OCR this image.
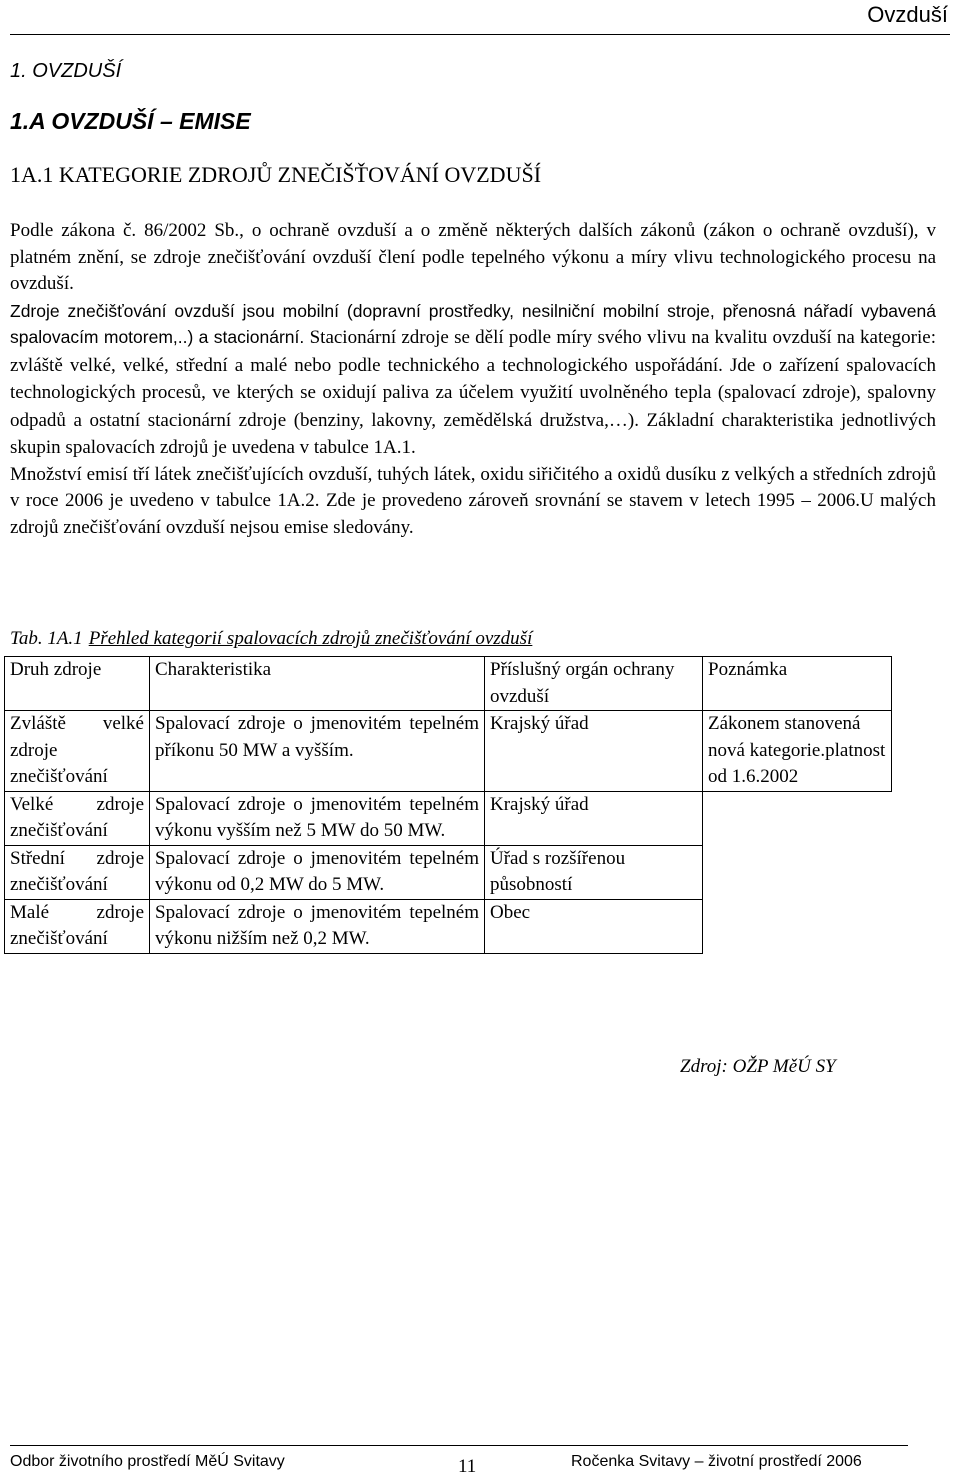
Ovzduší
1. OVZDUŠÍ
1.A OVZDUŠÍ – EMISE
1A.1 KATEGORIE ZDROJŮ ZNEČIŠŤOVÁNÍ OVZDUŠÍ

Podle zákona č. 86/2002 Sb., o ochraně ovzduší a o změně některých dalších zákonů (zákon o ochraně ovzduší), v platném znění, se zdroje znečišťování ovzduší člení podle tepelného výkonu a míry vlivu technologického procesu na ovzduší.

Zdroje znečišťování ovzduší jsou mobilní (dopravní prostředky, nesilniční mobilní stroje, přenosná nářadí vybavená spalovacím motorem,..) a stacionární. Stacionární zdroje se dělí podle míry svého vlivu na kvalitu ovzduší na kategorie: zvláště velké, velké, střední a malé nebo podle technického a technologického uspořádání. Jde o zařízení spalovacích technologických procesů, ve kterých se oxidují paliva za účelem využití uvolněného tepla (spalovací zdroje), spalovny odpadů a ostatní stacionární zdroje (benziny, lakovny, zemědělská družstva,…). Základní charakteristika jednotlivých skupin spalovacích zdrojů je uvedena v tabulce 1A.1.

Množství emisí tří látek znečišťujících ovzduší, tuhých látek, oxidu siřičitého a oxidů dusíku z velkých a středních zdrojů v roce 2006 je uvedeno v tabulce 1A.2. Zde je provedeno zároveň srovnání se stavem v letech 1995 – 2006.U malých zdrojů znečišťování ovzduší nejsou emise sledovány.

Tab. 1A.1 Přehled kategorií spalovacích zdrojů znečišťování ovzduší
Druh zdroje	Charakteristika	Příslušný orgán ochrany ovzduší	Poznámka
Zvláště velké zdroje znečišťování	Spalovací zdroje o jmenovitém tepelném příkonu 50 MW a vyšším.	Krajský úřad	Zákonem stanovená nová kategorie.platnost od 1.6.2002
Velké zdroje znečišťování	Spalovací zdroje o jmenovitém tepelném výkonu vyšším než 5 MW do 50 MW.	Krajský úřad	
Střední zdroje znečišťování	Spalovací zdroje o jmenovitém tepelném výkonu od 0,2 MW do 5 MW.	Úřad s rozšířenou působností	
Malé zdroje znečišťování	Spalovací zdroje o jmenovitém tepelném výkonu nižším než 0,2 MW.	Obec	
Zdroj: OŽP MěÚ SY
Odbor životního prostředí MěÚ Svitavy	11	Ročenka Svitavy – životní prostředí 2006
